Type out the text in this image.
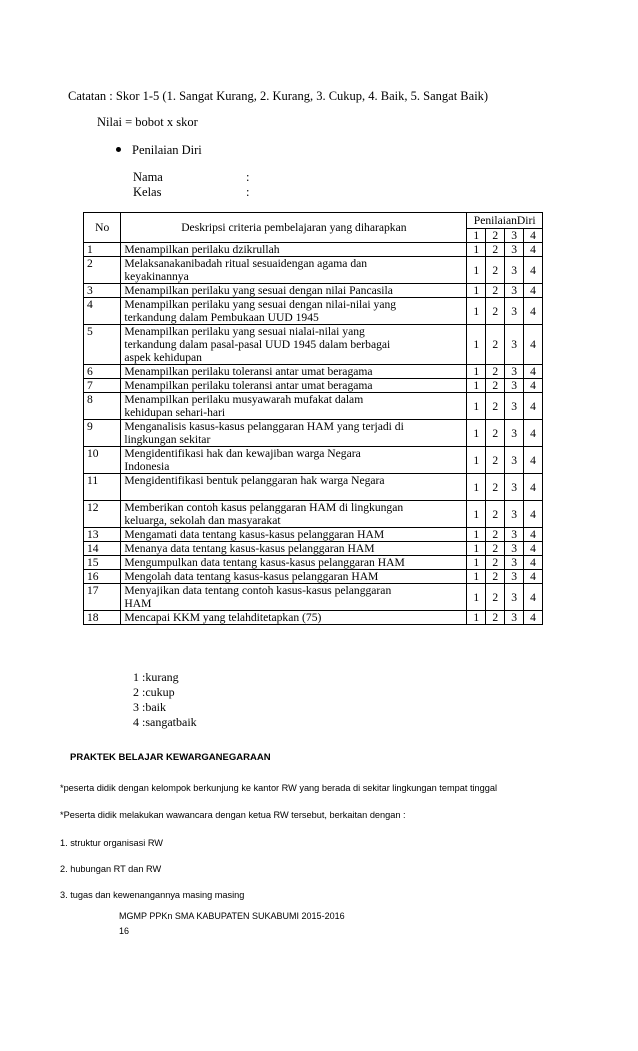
Catatan : Skor 1-5 (1. Sangat Kurang, 2. Kurang, 3. Cukup, 4. Baik, 5. Sangat Baik)
Nilai = bobot x skor
Penilaian Diri
Nama	:
Kelas	:
No	Deskripsi criteria pembelajaran yang diharapkan	PenilaianDiri			
		1	2	3	4
1	Menampilkan perilaku dzikrullah	1	2	3	4
2	Melaksanakanibadah ritual sesuaidengan agama dan
keyakinannya	1	2	3	4
3	Menampilkan perilaku yang sesuai dengan nilai Pancasila	1	2	3	4
4	Menampilkan perilaku yang sesuai dengan nilai-nilai yang
terkandung dalam Pembukaan UUD 1945	1	2	3	4
5	Menampilkan perilaku yang sesuai nialai-nilai yang
terkandung dalam pasal-pasal UUD 1945 dalam berbagai
aspek kehidupan	1	2	3	4
6	Menampilkan perilaku toleransi antar umat beragama	1	2	3	4
7	Menampilkan perilaku toleransi antar umat beragama	1	2	3	4
8	Menampilkan perilaku musyawarah mufakat dalam
kehidupan sehari-hari	1	2	3	4
9	Menganalisis kasus-kasus pelanggaran HAM yang terjadi di
lingkungan sekitar	1	2	3	4
10	Mengidentifikasi hak dan kewajiban warga Negara
Indonesia	1	2	3	4
11	Mengidentifikasi bentuk pelanggaran hak warga Negara	1	2	3	4
12	Memberikan contoh kasus pelanggaran HAM di lingkungan
keluarga, sekolah dan masyarakat	1	2	3	4
13	Mengamati data tentang kasus-kasus pelanggaran HAM	1	2	3	4
14	Menanya data tentang kasus-kasus pelanggaran HAM	1	2	3	4
15	Mengumpulkan data tentang kasus-kasus pelanggaran HAM	1	2	3	4
16	Mengolah data tentang kasus-kasus pelanggaran HAM	1	2	3	4
17	Menyajikan data tentang contoh kasus-kasus pelanggaran
HAM	1	2	3	4
18	Mencapai KKM yang telahditetapkan (75)	1	2	3	4
1 :kurang
2 :cukup
3 :baik
4 :sangatbaik
PRAKTEK BELAJAR KEWARGANEGARAAN
*peserta didik dengan kelompok berkunjung ke kantor RW yang berada di sekitar lingkungan tempat tinggal
*Peserta didik melakukan wawancara dengan ketua RW tersebut, berkaitan dengan :
1. struktur organisasi RW
2. hubungan RT dan RW
3. tugas dan kewenangannya masing masing
MGMP PPKn SMA KABUPATEN SUKABUMI 2015-2016
16
